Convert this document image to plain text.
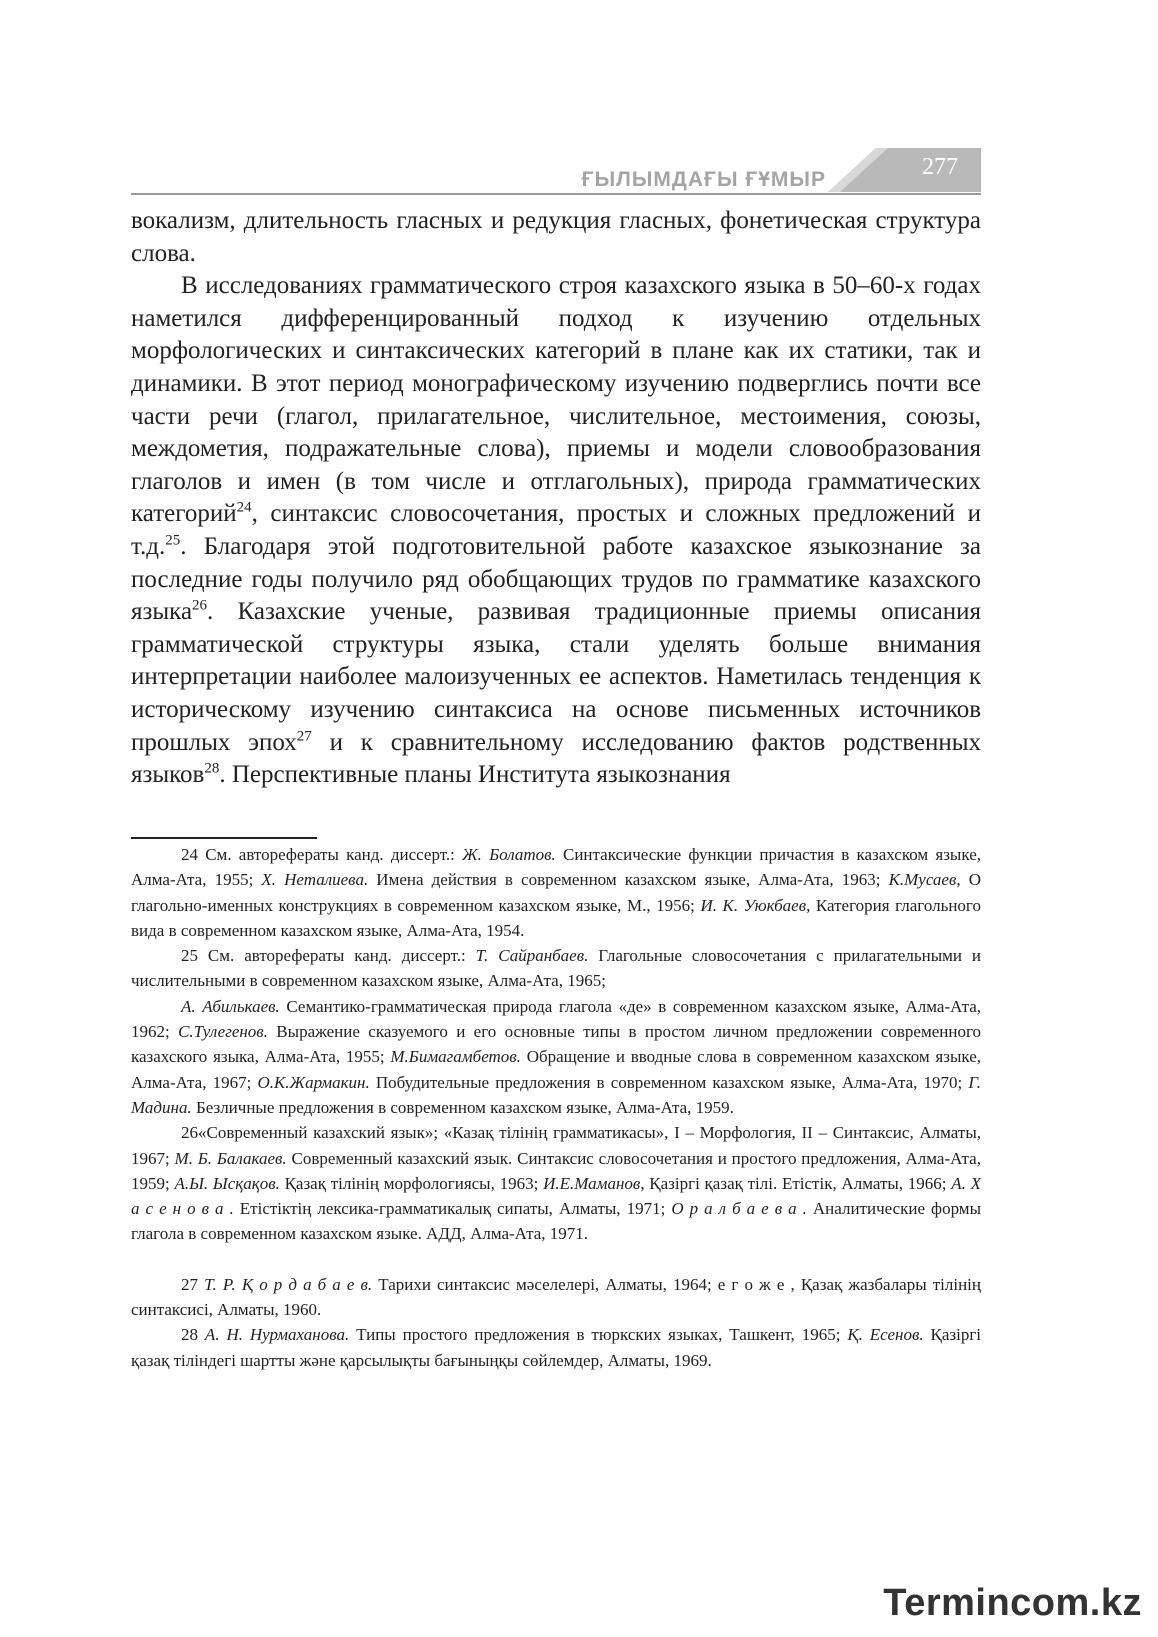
ҒЫЛЫМДАҒЫ ҒҰМЫР	277

вокализм, длительность гласных и редукция гласных, фонетическая структура слова.

В исследованиях грамматического строя казахского языка в 50–60-х годах наметился дифференцированный подход к изучению отдельных морфологических и синтаксических категорий в плане как их статики, так и динамики. В этот период монографическому изучению подверглись почти все части речи (глагол, прилагательное, числительное, местоимения, союзы, междометия, подражательные слова), приемы и модели словообразования глаголов и имен (в том числе и отглагольных), природа грамматических категорий$^{24}$, синтаксис словосочетания, простых и сложных предложений и т.д.$^{25}$. Благодаря этой подготовительной работе казахское языкознание за последние годы получило ряд обобщающих трудов по грамматике казахского языка$^{26}$. Казахские ученые, развивая традиционные приемы описания грамматической структуры языка, стали уделять больше внимания интерпретации наиболее малоизученных ее аспектов. Наметилась тенденция к историческому изучению синтаксиса на основе письменных источников прошлых эпох$^{27}$ и к сравнительному исследованию фактов родственных языков$^{28}$. Перспективные планы Института языкознания

24 См. авторефераты канд. диссерт.: Ж. Болатов. Синтаксические функции причастия в казахском языке, Алма-Ата, 1955; Х. Неталиева. Имена действия в современном казахском языке, Алма-Ата, 1963; К.Мусаев, О глагольно-именных конструкциях в современном казахском языке, М., 1956; И. К. Уюкбаев, Категория глагольного вида в современном казахском языке, Алма-Ата, 1954.

25 См. авторефераты канд. диссерт.: Т. Сайранбаев. Глагольные словосочетания с прилагательными и числительными в современном казахском языке, Алма-Ата, 1965;

А. Абилькаев. Семантико-грамматическая природа глагола «де» в современном казахском языке, Алма-Ата, 1962; С.Тулегенов. Выражение сказуемого и его основные типы в простом личном предложении современного казахского языка, Алма-Ата, 1955; М.Бимагамбетов. Обращение и вводные слова в современном казахском языке, Алма-Ата, 1967; О.К.Жармакин. Побудительные предложения в современном казахском языке, Алма-Ата, 1970; Г. Мадина. Безличные предложения в современном казахском языке, Алма-Ата, 1959.

26«Современный казахский язык»; «Казақ тілінің грамматикасы», I – Морфология, II – Синтаксис, Алматы, 1967; М. Б. Балакаев. Современный казахский язык. Синтаксис словосочетания и простого предложения, Алма-Ата, 1959; А.Ы. Ысқақов. Қазақ тілінің морфологиясы, 1963; И.Е.Маманов, Қазіргі қазақ тілі. Етістік, Алматы, 1966; А. Х а с е н о в а . Етістіктің лексика-грамматикалық сипаты, Алматы, 1971; О р а л б а е в а . Аналитические формы глагола в современном казахском языке. АДД, Алма-Ата, 1971.

27 Т. Р. Қ о р д а б а е в. Тарихи синтаксис мәселелері, Алматы, 1964; е г о ж е , Қазақ жазбалары тілінің синтаксисі, Алматы, 1960.

28 А. Н. Нурмаханова. Типы простого предложения в тюркских языках, Ташкент, 1965; Қ. Есенов. Қазіргі қазақ тіліндегі шартты және қарсылықты бағыныңқы сөйлемдер, Алматы, 1969.

Termincom.kz
